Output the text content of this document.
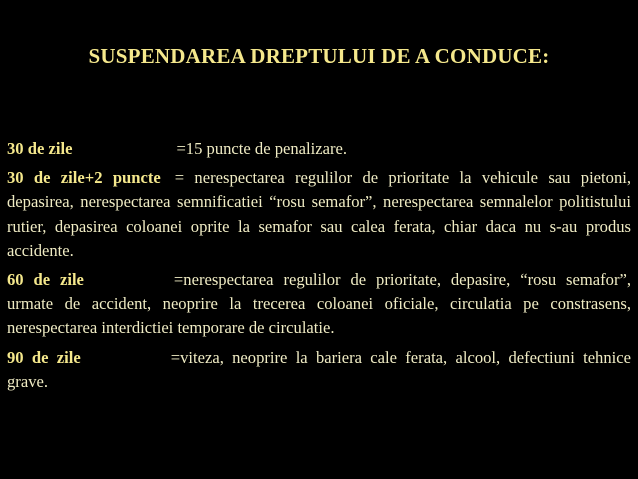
SUSPENDAREA DREPTULUI DE A CONDUCE:

30 de zile	=15 puncte de penalizare.

30 de zile+2 puncte = nerespectarea regulilor de prioritate la vehicule sau pietoni, depasirea, nerespectarea semnificatiei “rosu semafor”, nerespectarea semnalelor politistului rutier, depasirea coloanei oprite la semafor sau calea ferata, chiar daca nu s-au produs accidente.

60 de zile	=nerespectarea regulilor de prioritate, depasire, “rosu semafor”, urmate de accident, neoprire la trecerea coloanei oficiale, circulatia pe constrasens, nerespectarea interdictiei temporare de circulatie.

90 de zile	=viteza, neoprire la bariera cale ferata, alcool, defectiuni tehnice grave.
